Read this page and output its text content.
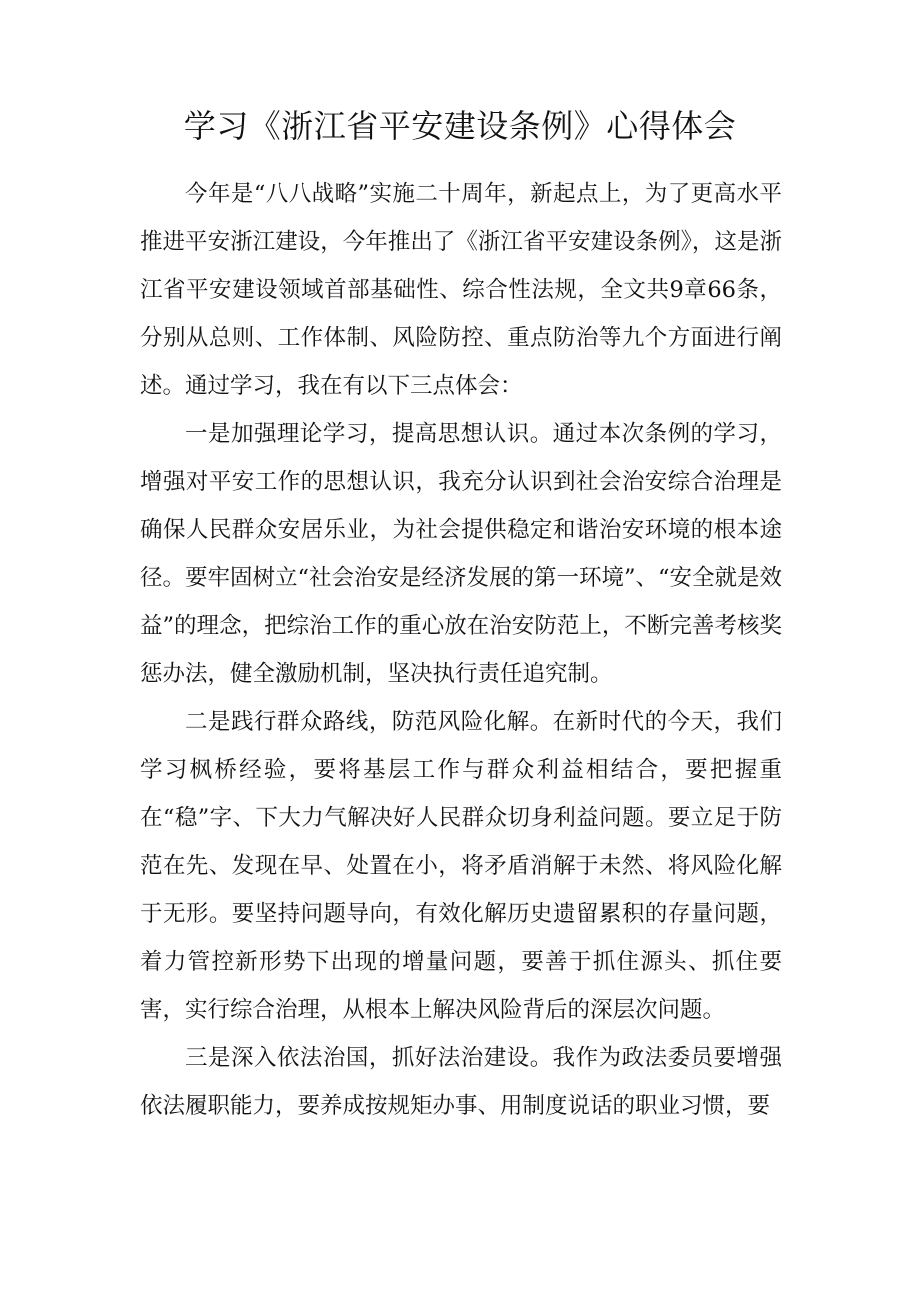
学习《浙江省平安建设条例》心得体会

今年是“八八战略”实施二十周年，新起点上，为了更高水平推进平安浙江建设，今年推出了《浙江省平安建设条例》，这是浙江省平安建设领域首部基础性、综合性法规，全文共9章66条，分别从总则、工作体制、风险防控、重点防治等九个方面进行阐述。通过学习，我在有以下三点体会：

一是加强理论学习，提高思想认识。通过本次条例的学习，增强对平安工作的思想认识，我充分认识到社会治安综合治理是确保人民群众安居乐业，为社会提供稳定和谐治安环境的根本途径。要牢固树立“社会治安是经济发展的第一环境”、“安全就是效益”的理念，把综治工作的重心放在治安防范上，不断完善考核奖惩办法，健全激励机制，坚决执行责任追究制。

二是践行群众路线，防范风险化解。在新时代的今天，我们学习枫桥经验，要将基层工作与群众利益相结合，要把握重在“稳”字、下大力气解决好人民群众切身利益问题。要立足于防范在先、发现在早、处置在小，将矛盾消解于未然、将风险化解于无形。要坚持问题导向，有效化解历史遗留累积的存量问题，着力管控新形势下出现的增量问题，要善于抓住源头、抓住要害，实行综合治理，从根本上解决风险背后的深层次问题。

三是深入依法治国，抓好法治建设。我作为政法委员要增强依法履职能力，要养成按规矩办事、用制度说话的职业习惯，要
